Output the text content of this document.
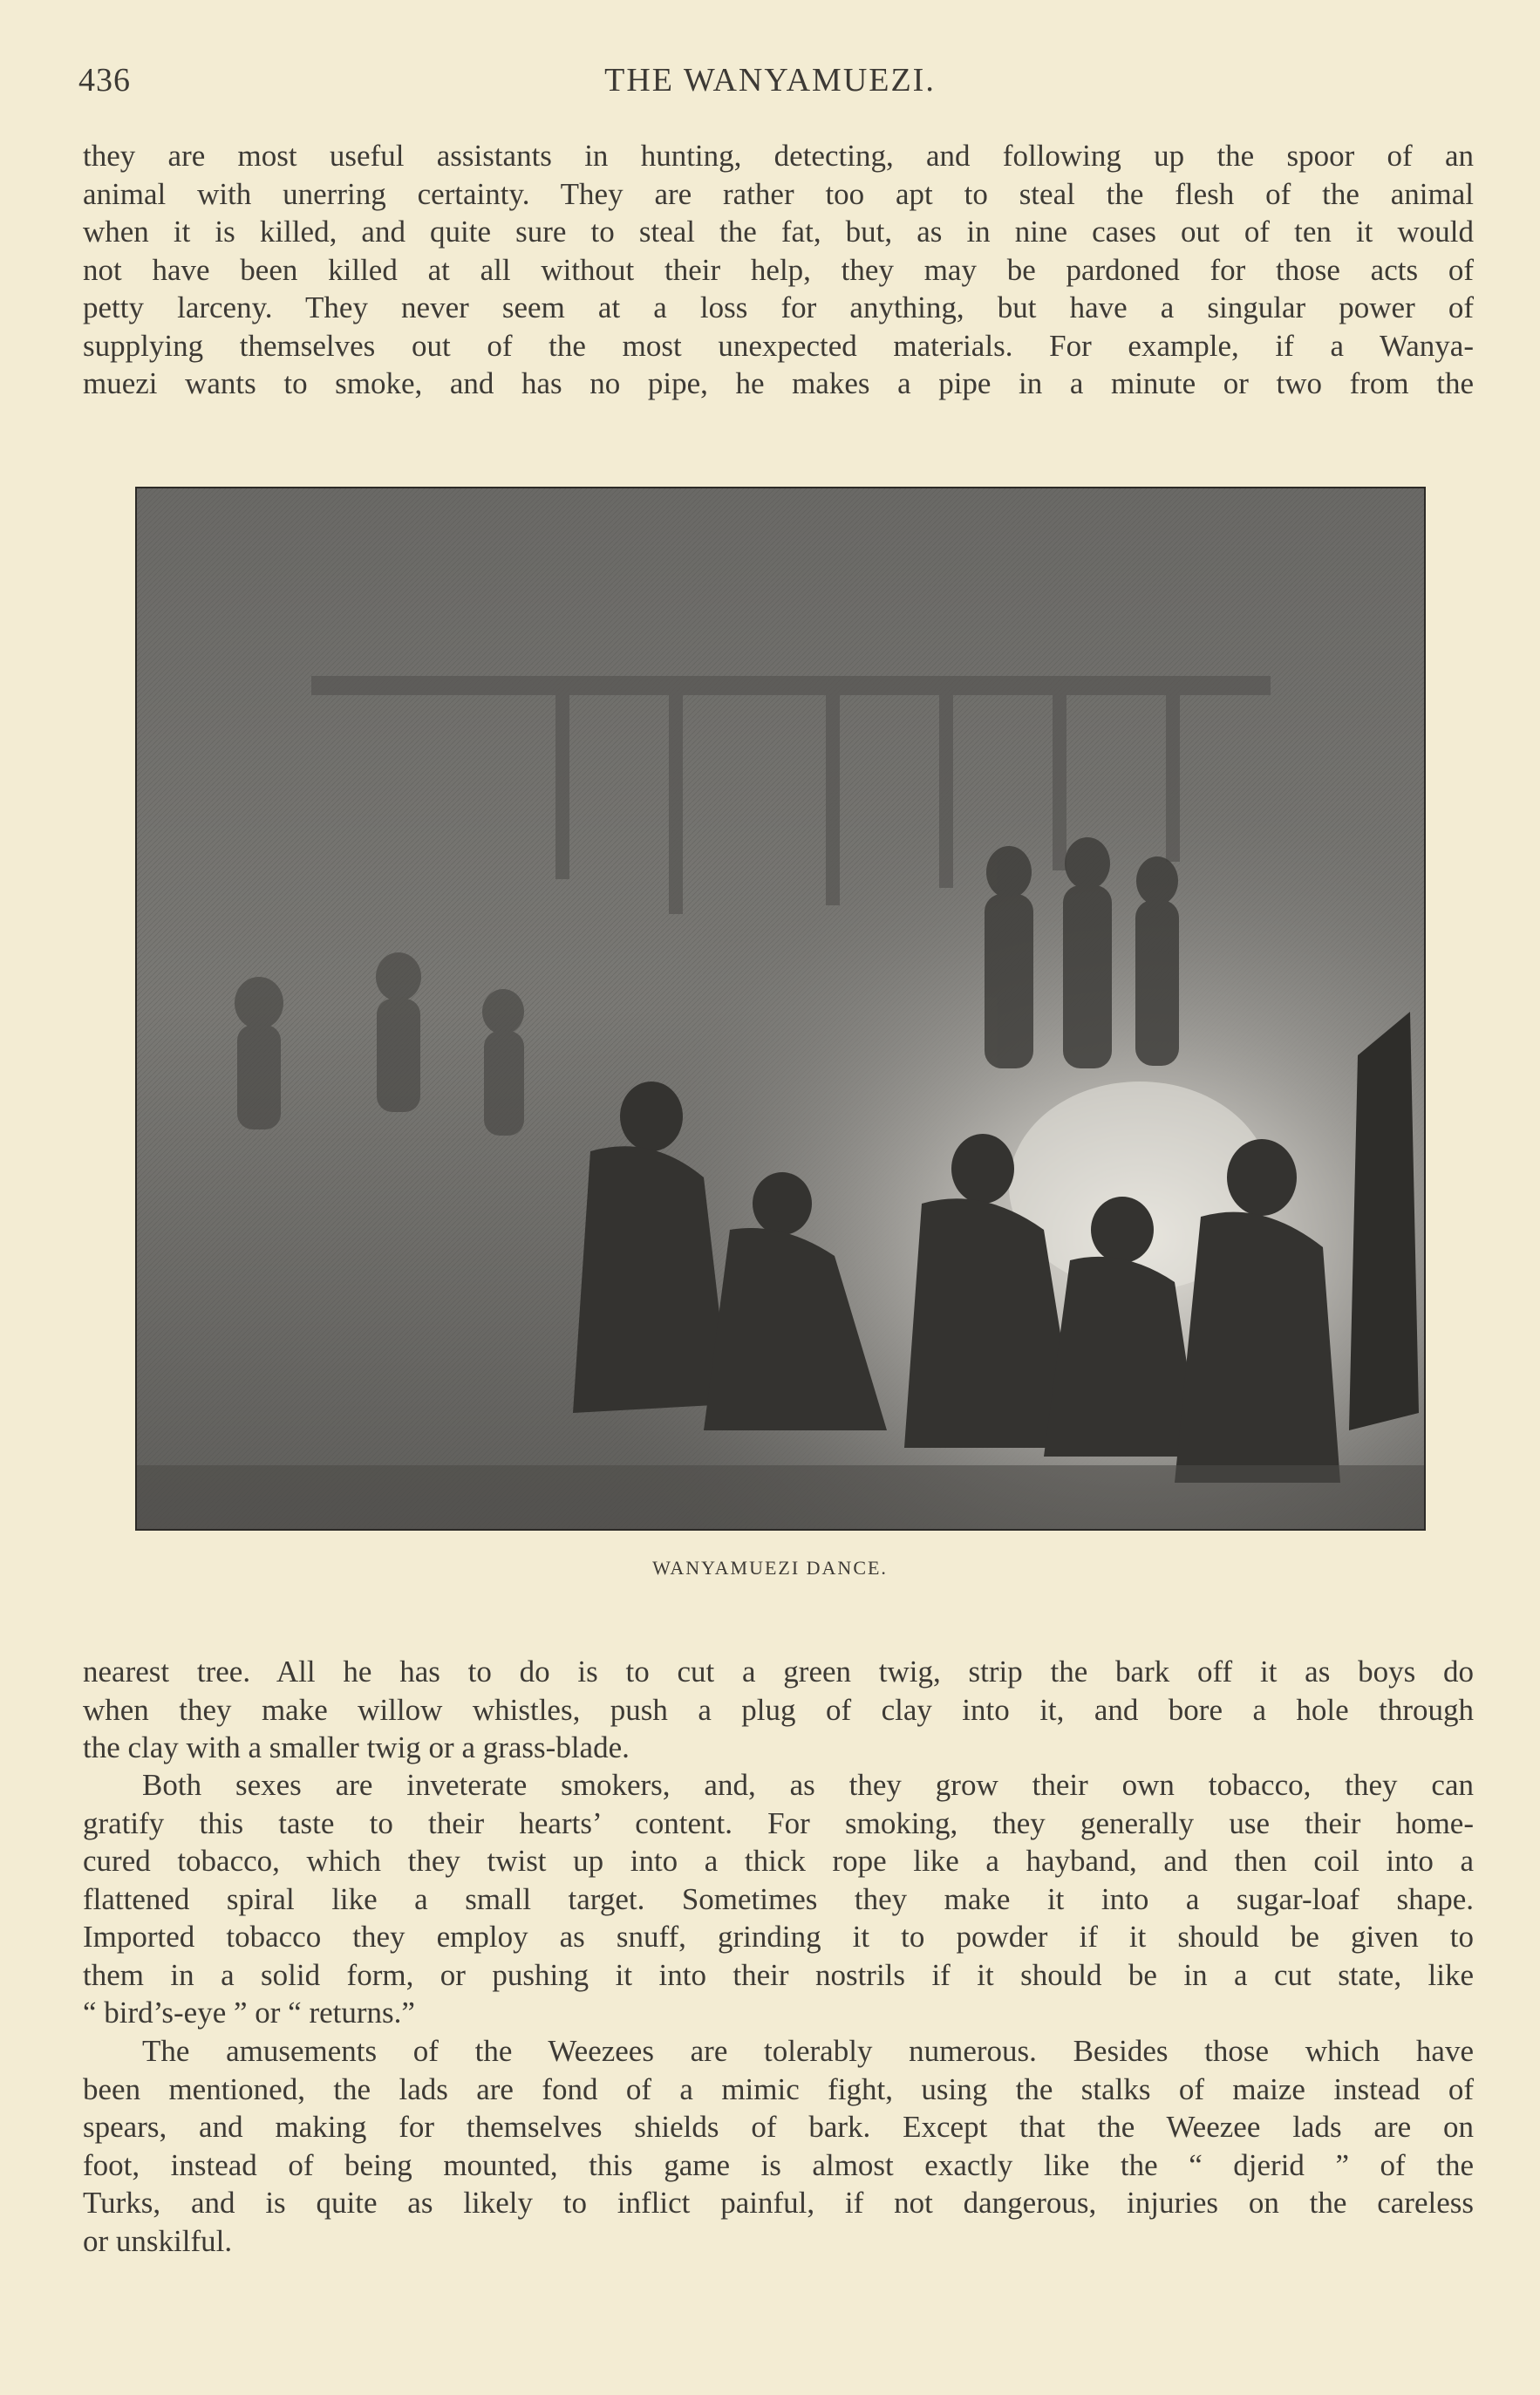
436	THE WANYAMUEZI.
they are most useful assistants in hunting, detecting, and following up the spoor of an
animal with unerring certainty. They are rather too apt to steal the flesh of the animal
when it is killed, and quite sure to steal the fat, but, as in nine cases out of ten it would
not have been killed at all without their help, they may be pardoned for those acts of
petty larceny. They never seem at a loss for anything, but have a singular power of
supplying themselves out of the most unexpected materials. For example, if a Wanya-
muezi wants to smoke, and has no pipe, he makes a pipe in a minute or two from the
WANYAMUEZI DANCE.
nearest tree. All he has to do is to cut a green twig, strip the bark off it as boys do
when they make willow whistles, push a plug of clay into it, and bore a hole through
the clay with a smaller twig or a grass-blade.
Both sexes are inveterate smokers, and, as they grow their own tobacco, they can
gratify this taste to their hearts’ content. For smoking, they generally use their home-
cured tobacco, which they twist up into a thick rope like a hayband, and then coil into a
flattened spiral like a small target. Sometimes they make it into a sugar-loaf shape.
Imported tobacco they employ as snuff, grinding it to powder if it should be given to
them in a solid form, or pushing it into their nostrils if it should be in a cut state, like
“ bird’s-eye ” or “ returns.”
The amusements of the Weezees are tolerably numerous. Besides those which have
been mentioned, the lads are fond of a mimic fight, using the stalks of maize instead of
spears, and making for themselves shields of bark. Except that the Weezee lads are on
foot, instead of being mounted, this game is almost exactly like the “ djerid ” of the
Turks, and is quite as likely to inflict painful, if not dangerous, injuries on the careless
or unskilful.
